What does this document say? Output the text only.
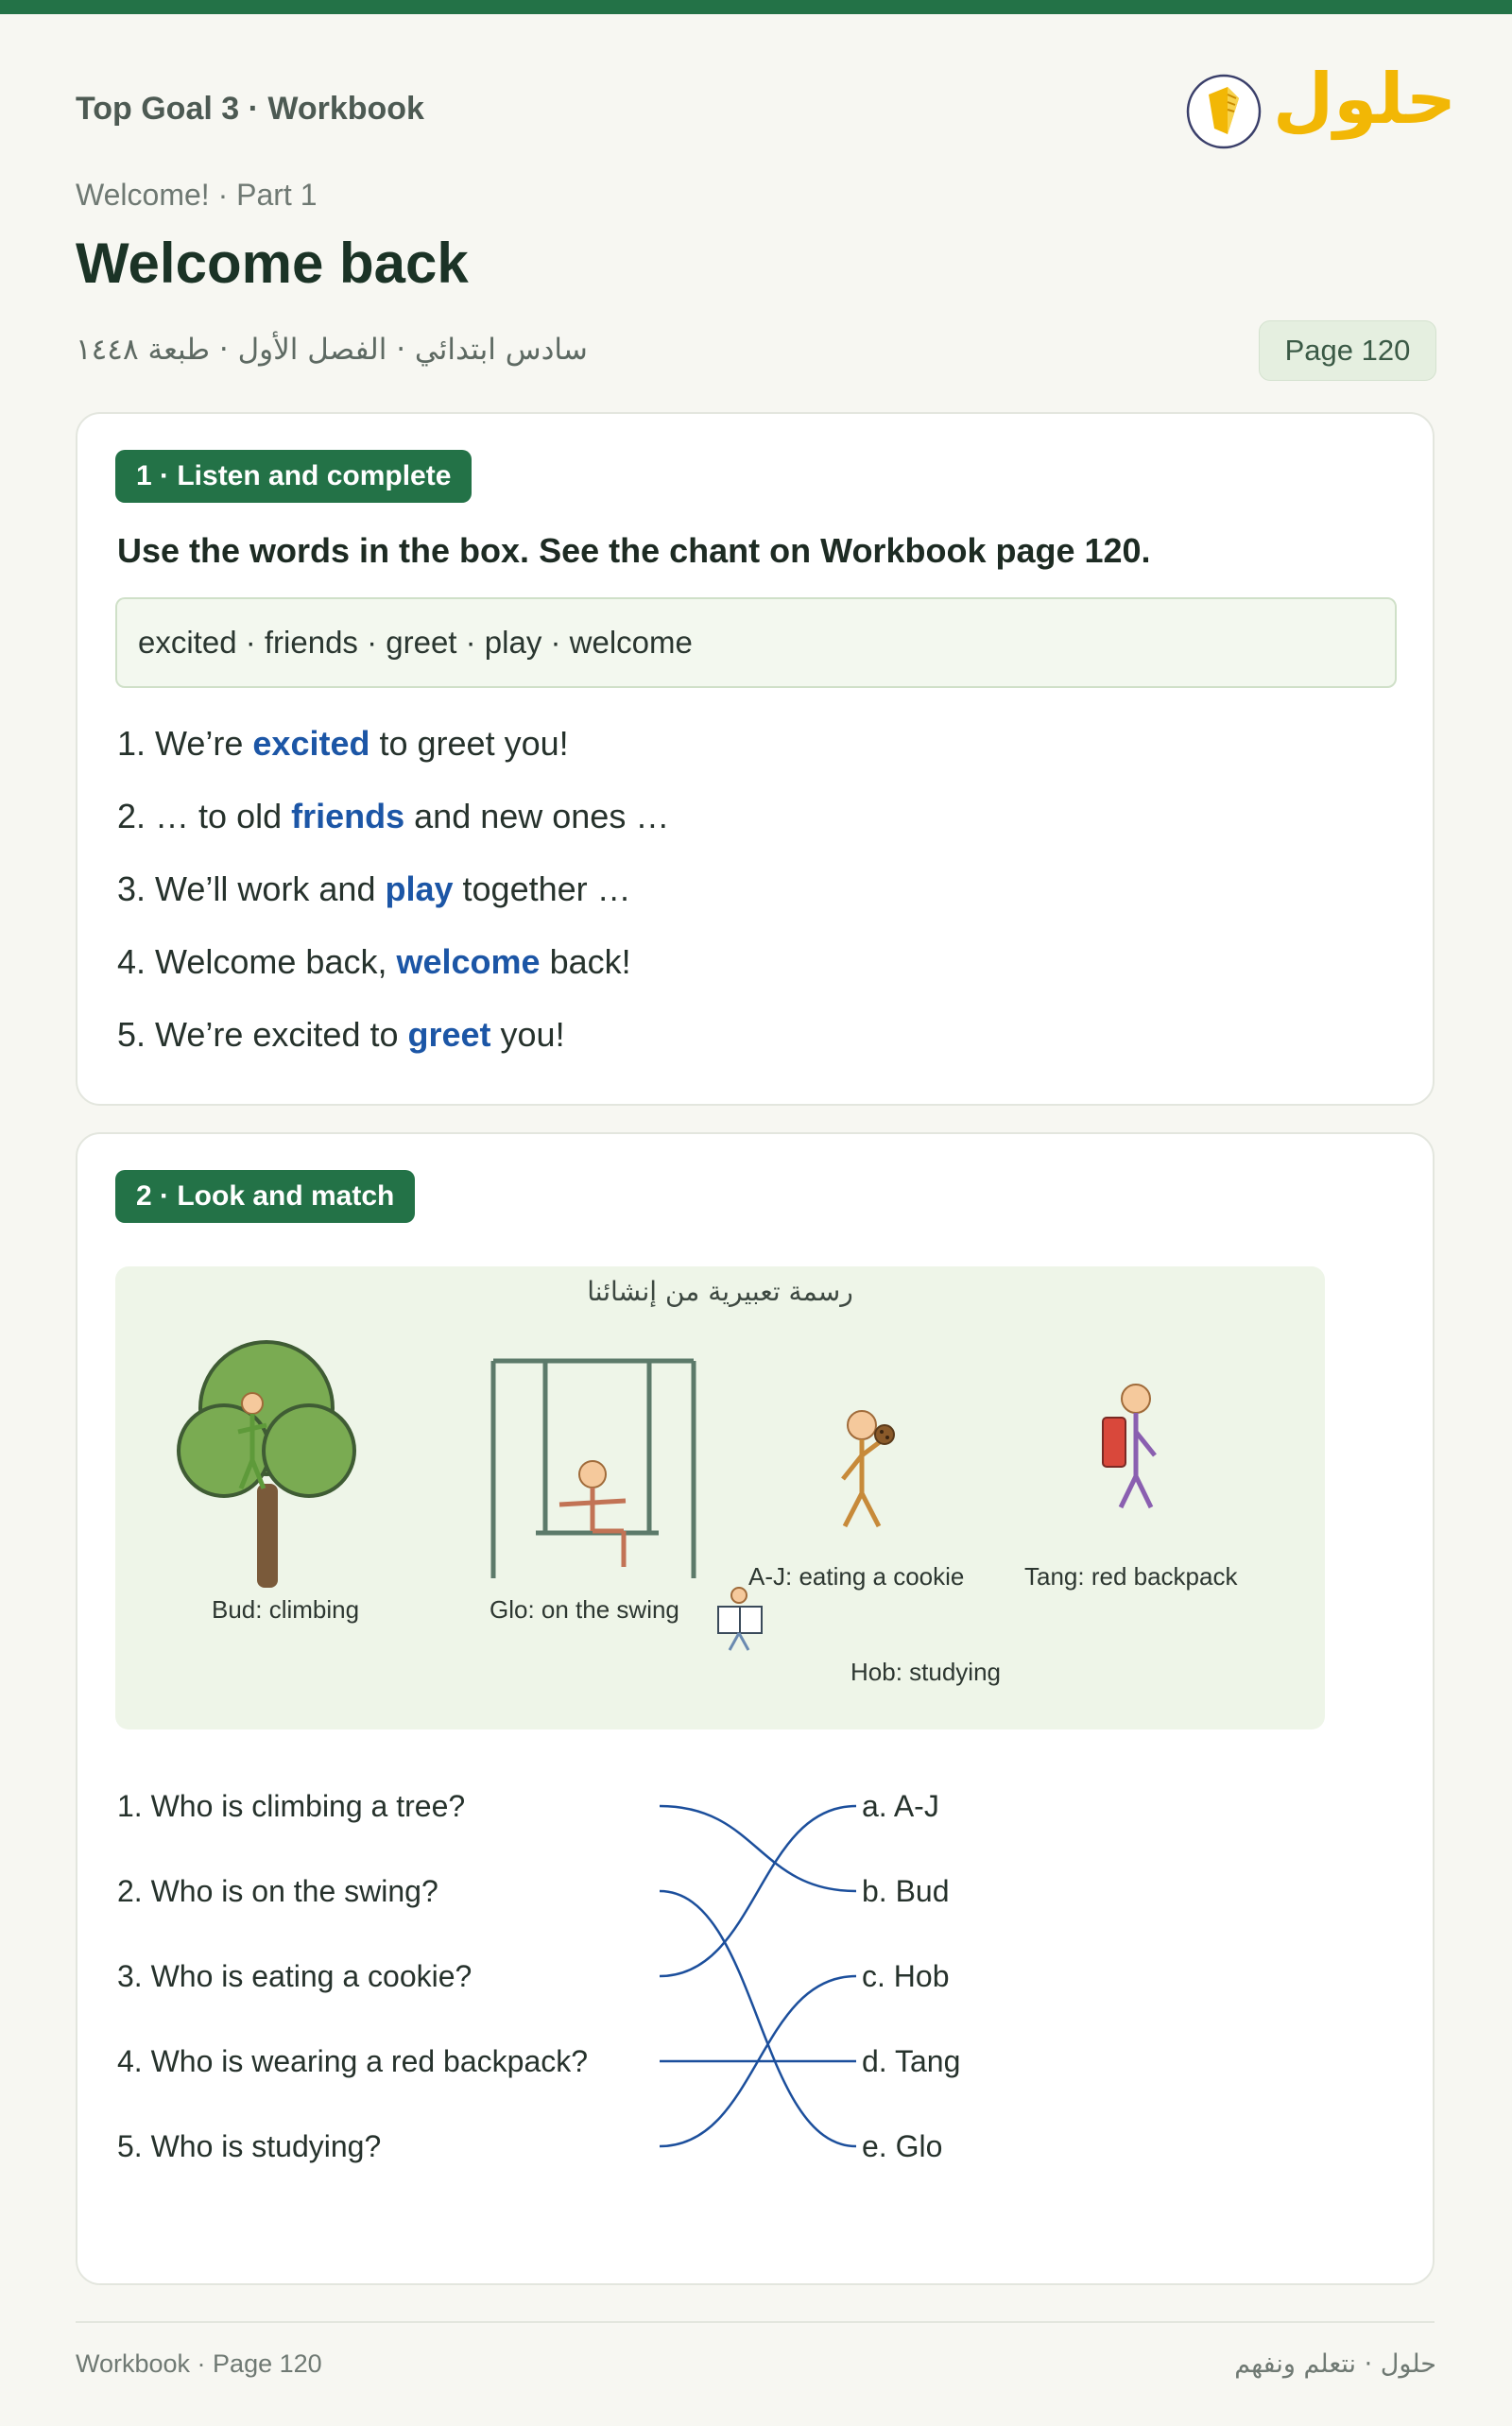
Top Goal 3 · Workbook	حلول
Welcome! · Part 1
Welcome back
سادس ابتدائي · الفصل الأول · طبعة ١٤٤٨	Page 120
1 · Listen and complete
Use the words in the box. See the chant on Workbook page 120.
excited · friends · greet · play · welcome
1. We’re excited to greet you!
2. … to old friends and new ones …
3. We’ll work and play together …
4. Welcome back, welcome back!
5. We’re excited to greet you!
2 · Look and match
رسمة تعبيرية من إنشائنا
Bud: climbing	Glo: on the swing
A-J: eating a cookie Tang: red backpack
Hob: studying
1. Who is climbing a tree?
2. Who is on the swing?
3. Who is eating a cookie?
4. Who is wearing a red backpack?
5. Who is studying?
a. A-J
b. Bud
c. Hob
d. Tang
e. Glo
Workbook · Page 120	حلول · نتعلم ونفهم
